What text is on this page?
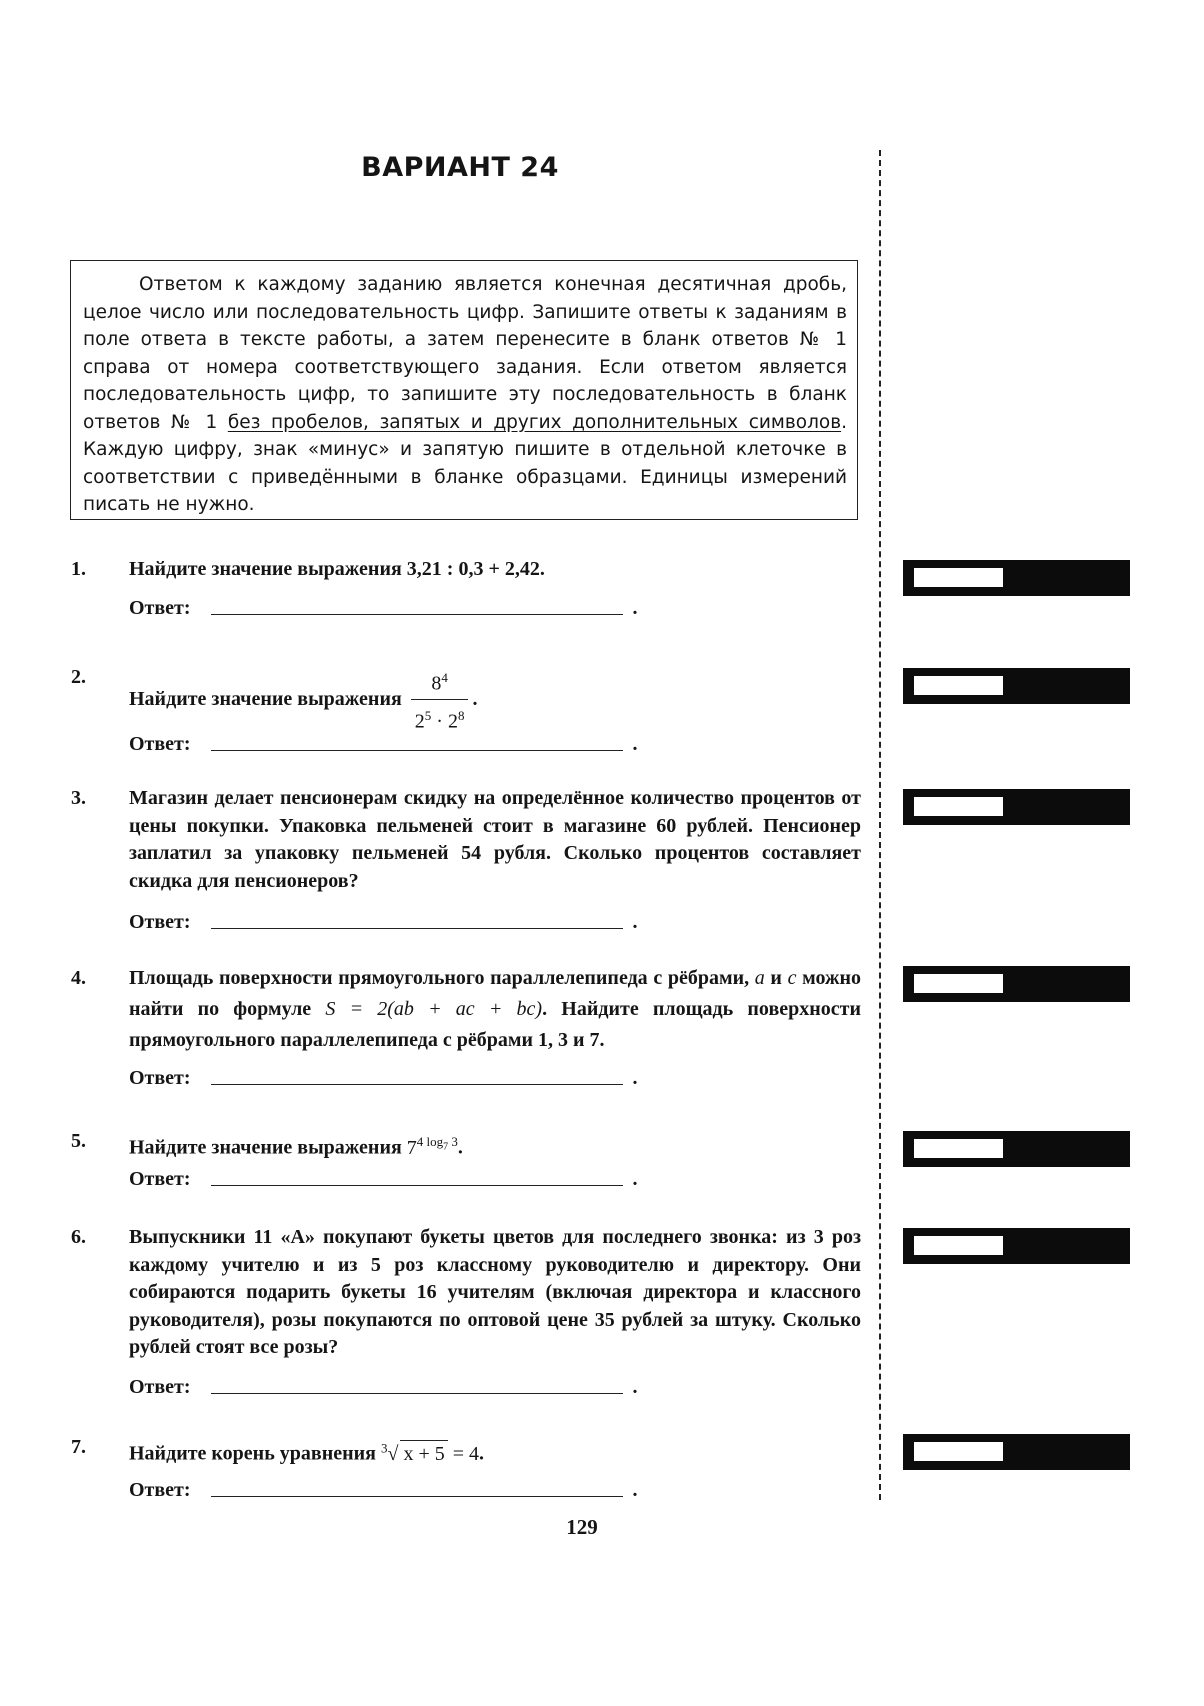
ВАРИАНТ 24
Ответом к каждому заданию является конечная десятичная дробь, целое число или последовательность цифр. Запишите ответы к заданиям в поле ответа в тексте работы, а затем перенесите в бланк ответов № 1 справа от номера соответствующего задания. Если ответом является последовательность цифр, то запишите эту последовательность в бланк ответов № 1 без пробелов, запятых и других дополнительных символов. Каждую цифру, знак «минус» и запятую пишите в отдельной клеточке в соответствии с приведёнными в бланке образцами. Единицы измерений писать не нужно.
1. Найдите значение выражения 3,21 : 0,3 + 2,42.
Ответ:	.
2.
Найдите значение выражения $\frac{8^4}{2^5 \cdot 2^8}$ .
Ответ:	.
3. Магазин делает пенсионерам скидку на определённое количество процентов от цены покупки. Упаковка пельменей стоит в магазине 60 рублей. Пенсионер заплатил за упаковку пельменей 54 рубля. Сколько процентов составляет скидка для пенсионеров?
Ответ:	.
4. Площадь поверхности прямоугольного параллелепипеда с рёбрами, a и c можно найти по формуле S = 2(ab + ac + bc). Найдите площадь поверхности прямоугольного параллелепипеда с рёбрами 1, 3 и 7.
Ответ:	.
5. Найдите значение выражения $7^{4 log_7 3}$.
Ответ:	.
6. Выпускники 11 «А» покупают букеты цветов для последнего звонка: из 3 роз каждому учителю и из 5 роз классному руководителю и директору. Они собираются подарить букеты 16 учителям (включая директора и классного руководителя), розы покупаются по оптовой цене 35 рублей за штуку. Сколько рублей стоят все розы?
Ответ:	.
7. Найдите корень уравнения $^3$√ x + 5 = 4.
Ответ:	.
129
